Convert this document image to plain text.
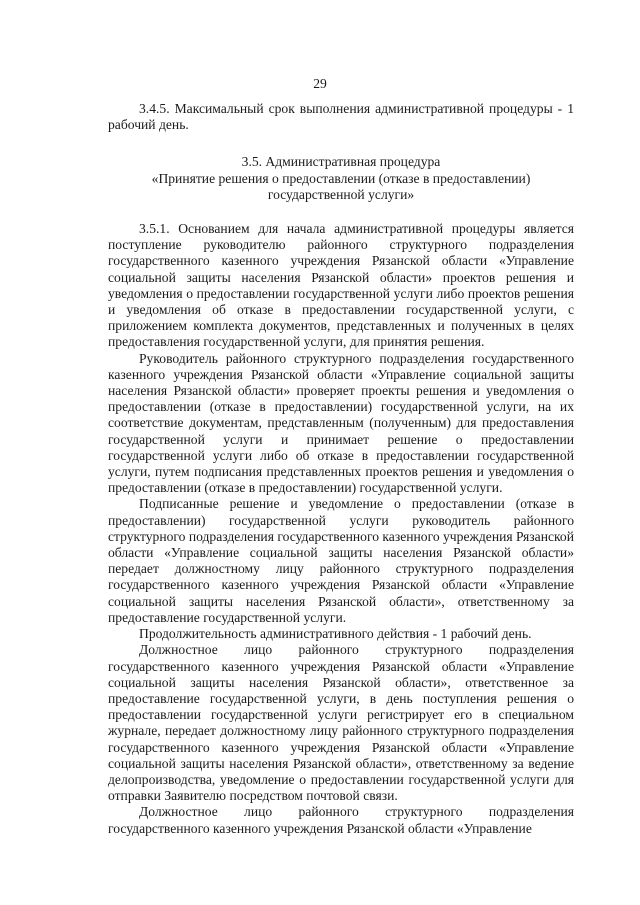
29

3.4.5. Максимальный срок выполнения административной процедуры - 1 рабочий день.

3.5. Административная процедура
«Принятие решения о предоставлении (отказе в предоставлении)
государственной услуги»

3.5.1. Основанием для начала административной процедуры является поступление руководителю районного структурного подразделения государственного казенного учреждения Рязанской области «Управление социальной защиты населения Рязанской области» проектов решения и уведомления о предоставлении государственной услуги либо проектов решения и уведомления об отказе в предоставлении государственной услуги, с приложением комплекта документов, представленных и полученных в целях предоставления государственной услуги, для принятия решения.

Руководитель районного структурного подразделения государственного казенного учреждения Рязанской области «Управление социальной защиты населения Рязанской области» проверяет проекты решения и уведомления о предоставлении (отказе в предоставлении) государственной услуги, на их соответствие документам, представленным (полученным) для предоставления государственной услуги и принимает решение о предоставлении государственной услуги либо об отказе в предоставлении государственной услуги, путем подписания представленных проектов решения и уведомления о предоставлении (отказе в предоставлении) государственной услуги.

Подписанные решение и уведомление о предоставлении (отказе в предоставлении) государственной услуги руководитель районного структурного подразделения государственного казенного учреждения Рязанской области «Управление социальной защиты населения Рязанской области» передает должностному лицу районного структурного подразделения государственного казенного учреждения Рязанской области «Управление социальной защиты населения Рязанской области», ответственному за предоставление государственной услуги.

Продолжительность административного действия - 1 рабочий день.

Должностное лицо районного структурного подразделения государственного казенного учреждения Рязанской области «Управление социальной защиты населения Рязанской области», ответственное за предоставление государственной услуги, в день поступления решения о предоставлении государственной услуги регистрирует его в специальном журнале, передает должностному лицу районного структурного подразделения государственного казенного учреждения Рязанской области «Управление социальной защиты населения Рязанской области», ответственному за ведение делопроизводства, уведомление о предоставлении государственной услуги для отправки Заявителю посредством почтовой связи.

Должностное лицо районного структурного подразделения государственного казенного учреждения Рязанской области «Управление
